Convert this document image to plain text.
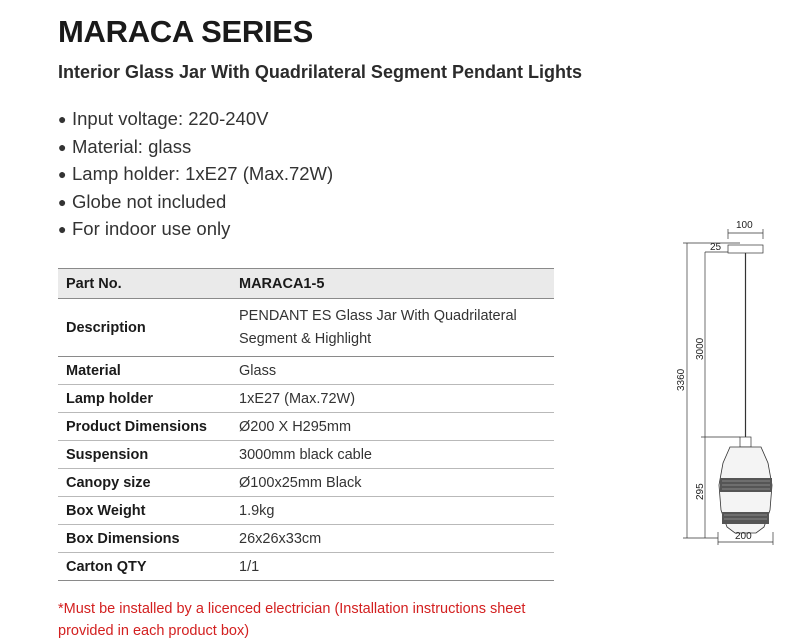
MARACA SERIES
Interior Glass Jar With Quadrilateral Segment Pendant Lights
● Input voltage: 220-240V
● Material: glass
● Lamp holder: 1xE27 (Max.72W)
● Globe not included
● For indoor use only
Part No.	MARACA1-5
Description	PENDANT ES Glass Jar With Quadrilateral
Segment & Highlight

Material	Glass
Lamp holder	1xE27 (Max.72W)
Product Dimensions	Ø200 X H295mm
Suspension	3000mm black cable
Canopy size	Ø100x25mm Black
Box Weight	1.9kg
Box Dimensions	26x26x33cm
Carton QTY	1/1
*Must be installed by a licenced electrician (Installation instructions sheet
provided in each product box)
100
25
3000
3360
295
200
